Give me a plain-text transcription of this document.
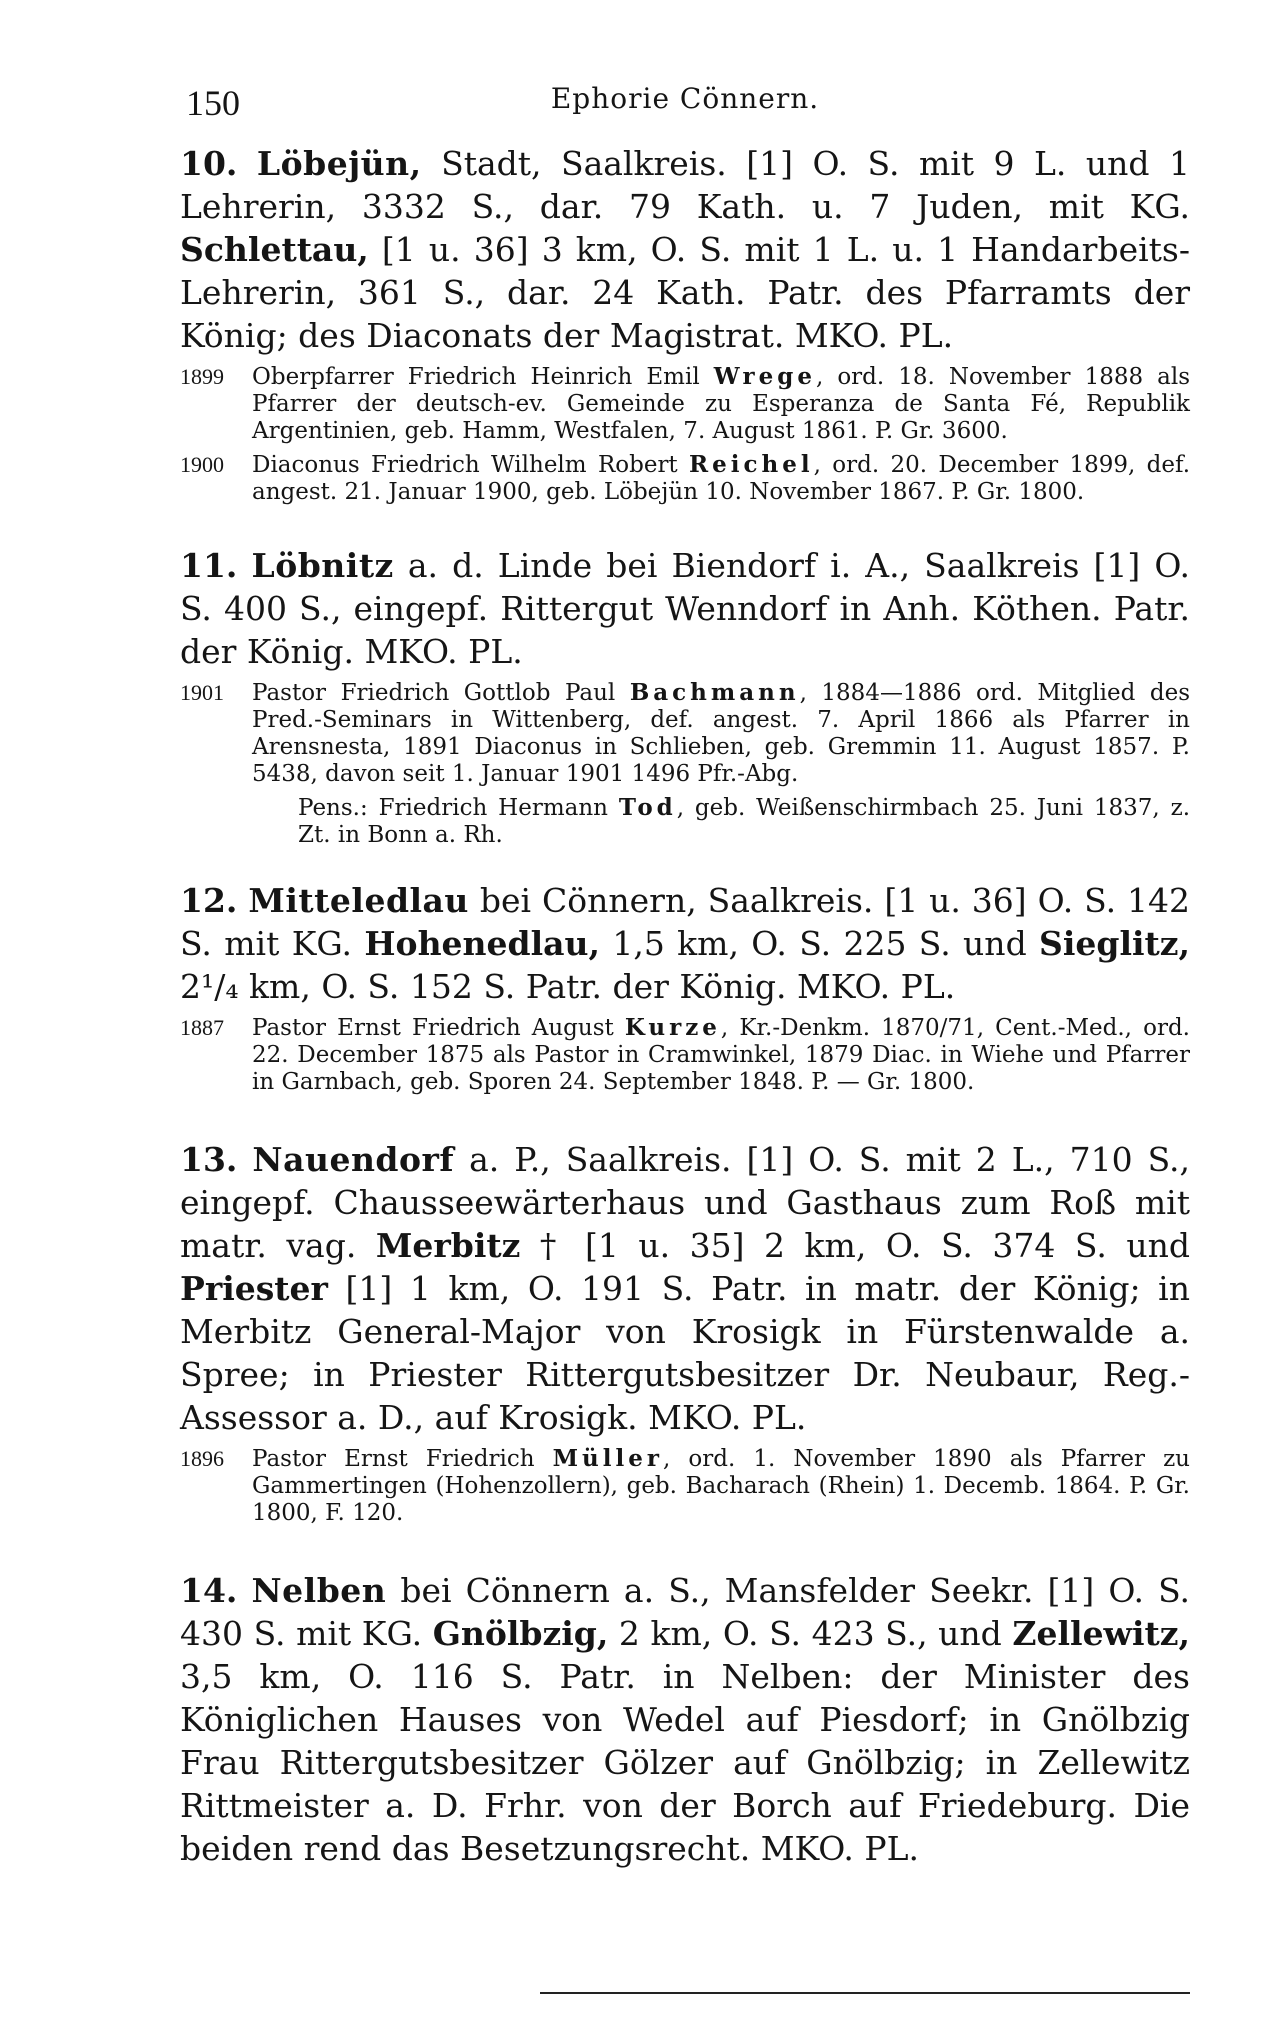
150	Ephorie Cönnern.
10. Löbejün, Stadt, Saalkreis. [1] O. S. mit 9 L. und 1 Lehrerin, 3332 S., dar. 79 Kath. u. 7 Juden, mit KG. Schlettau, [1 u. 36] 3 km, O. S. mit 1 L. u. 1 Handarbeits-Lehrerin, 361 S., dar. 24 Kath. Patr. des Pfarramts der König; des Diaconats der Magistrat. MKO. PL.
1899 Oberpfarrer Friedrich Heinrich Emil Wrege, ord. 18. November 1888 als Pfarrer der deutsch-ev. Gemeinde zu Esperanza de Santa Fé, Republik Argentinien, geb. Hamm, Westfalen, 7. August 1861. P. Gr. 3600.
1900 Diaconus Friedrich Wilhelm Robert Reichel, ord. 20. December 1899, def. angest. 21. Januar 1900, geb. Löbejün 10. November 1867. P. Gr. 1800.
11. Löbnitz a. d. Linde bei Biendorf i. A., Saalkreis [1] O. S. 400 S., eingepf. Rittergut Wenndorf in Anh. Köthen. Patr. der König. MKO. PL.
1901 Pastor Friedrich Gottlob Paul Bachmann, 1884—1886 ord. Mitglied des Pred.-Seminars in Wittenberg, def. angest. 7. April 1866 als Pfarrer in Arensnesta, 1891 Diaconus in Schlieben, geb. Gremmin 11. August 1857. P. 5438, davon seit 1. Januar 1901 1496 Pfr.-Abg.
Pens.: Friedrich Hermann Tod, geb. Weißenschirmbach 25. Juni 1837, z. Zt. in Bonn a. Rh.
12. Mitteledlau bei Cönnern, Saalkreis. [1 u. 36] O. S. 142 S. mit KG. Hohenedlau, 1,5 km, O. S. 225 S. und Sieglitz, 2¹/₄ km, O. S. 152 S. Patr. der König. MKO. PL.
1887 Pastor Ernst Friedrich August Kurze, Kr.-Denkm. 1870/71, Cent.-Med., ord. 22. December 1875 als Pastor in Cramwinkel, 1879 Diac. in Wiehe und Pfarrer in Garnbach, geb. Sporen 24. September 1848. P. — Gr. 1800.
13. Nauendorf a. P., Saalkreis. [1] O. S. mit 2 L., 710 S., eingepf. Chausseewärterhaus und Gasthaus zum Roß mit matr. vag. Merbitz † [1 u. 35] 2 km, O. S. 374 S. und Priester [1] 1 km, O. 191 S. Patr. in matr. der König; in Merbitz General-Major von Krosigk in Fürstenwalde a. Spree; in Priester Rittergutsbesitzer Dr. Neubaur, Reg.-Assessor a. D., auf Krosigk. MKO. PL.
1896 Pastor Ernst Friedrich Müller, ord. 1. November 1890 als Pfarrer zu Gammertingen (Hohenzollern), geb. Bacharach (Rhein) 1. Decemb. 1864. P. Gr. 1800, F. 120.
14. Nelben bei Cönnern a. S., Mansfelder Seekr. [1] O. S. 430 S. mit KG. Gnölbzig, 2 km, O. S. 423 S., und Zellewitz, 3,5 km, O. 116 S. Patr. in Nelben: der Minister des Königlichen Hauses von Wedel auf Piesdorf; in Gnölbzig Frau Rittergutsbesitzer Gölzer auf Gnölbzig; in Zellewitz Rittmeister a. D. Frhr. von der Borch auf Friedeburg. Die beiden rend das Besetzungsrecht. MKO. PL.
